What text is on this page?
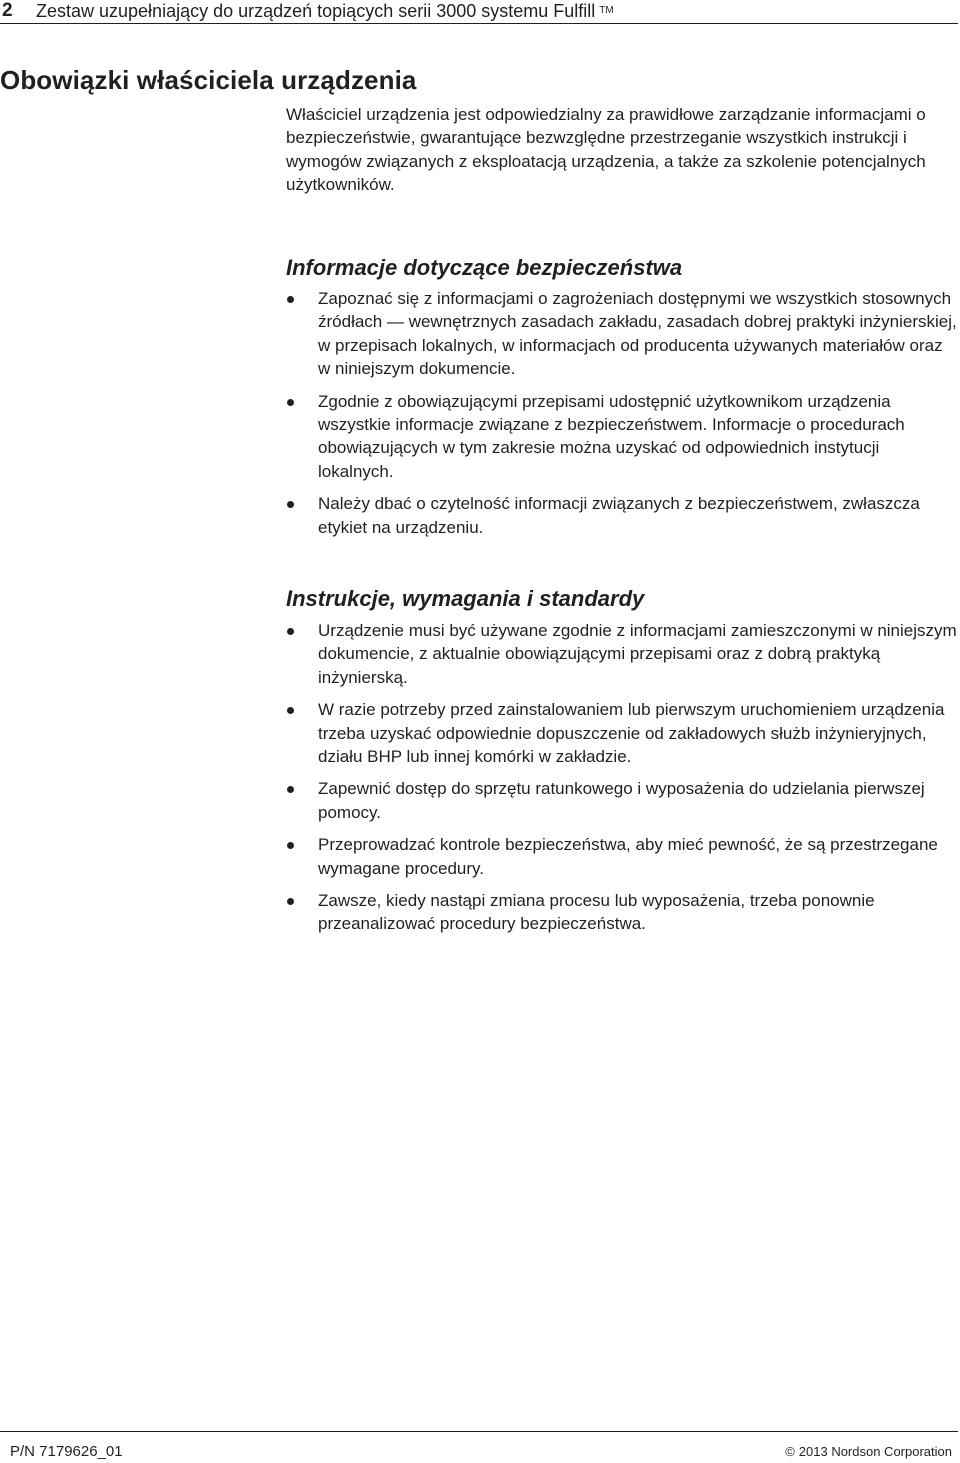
2 Zestaw uzupełniający do urządzeń topiących serii 3000 systemu Fulfill ™
Obowiązki właściciela urządzenia

Właściciel urządzenia jest odpowiedzialny za prawidłowe zarządzanie informacjami o bezpieczeństwie, gwarantujące bezwzględne przestrzeganie wszystkich instrukcji i wymogów związanych z eksploatacją urządzenia, a także za szkolenie potencjalnych użytkowników.

Informacje dotyczące bezpieczeństwa
Zapoznać się z informacjami o zagrożeniach dostępnymi we wszystkich stosownych źródłach — wewnętrznych zasadach zakładu, zasadach dobrej praktyki inżynierskiej, w przepisach lokalnych, w informacjach od producenta używanych materiałów oraz w niniejszym dokumencie.
Zgodnie z obowiązującymi przepisami udostępnić użytkownikom urządzenia wszystkie informacje związane z bezpieczeństwem. Informacje o procedurach obowiązujących w tym zakresie można uzyskać od odpowiednich instytucji lokalnych.
Należy dbać o czytelność informacji związanych z bezpieczeństwem, zwłaszcza etykiet na urządzeniu.
Instrukcje, wymagania i standardy
Urządzenie musi być używane zgodnie z informacjami zamieszczonymi w niniejszym dokumencie, z aktualnie obowiązującymi przepisami oraz z dobrą praktyką inżynierską.
W razie potrzeby przed zainstalowaniem lub pierwszym uruchomieniem urządzenia trzeba uzyskać odpowiednie dopuszczenie od zakładowych służb inżynieryjnych, działu BHP lub innej komórki w zakładzie.
Zapewnić dostęp do sprzętu ratunkowego i wyposażenia do udzielania pierwszej pomocy.
Przeprowadzać kontrole bezpieczeństwa, aby mieć pewność, że są przestrzegane wymagane procedury.
Zawsze, kiedy nastąpi zmiana procesu lub wyposażenia, trzeba ponownie przeanalizować procedury bezpieczeństwa.
P/N 7179626_01	© 2013 Nordson Corporation
